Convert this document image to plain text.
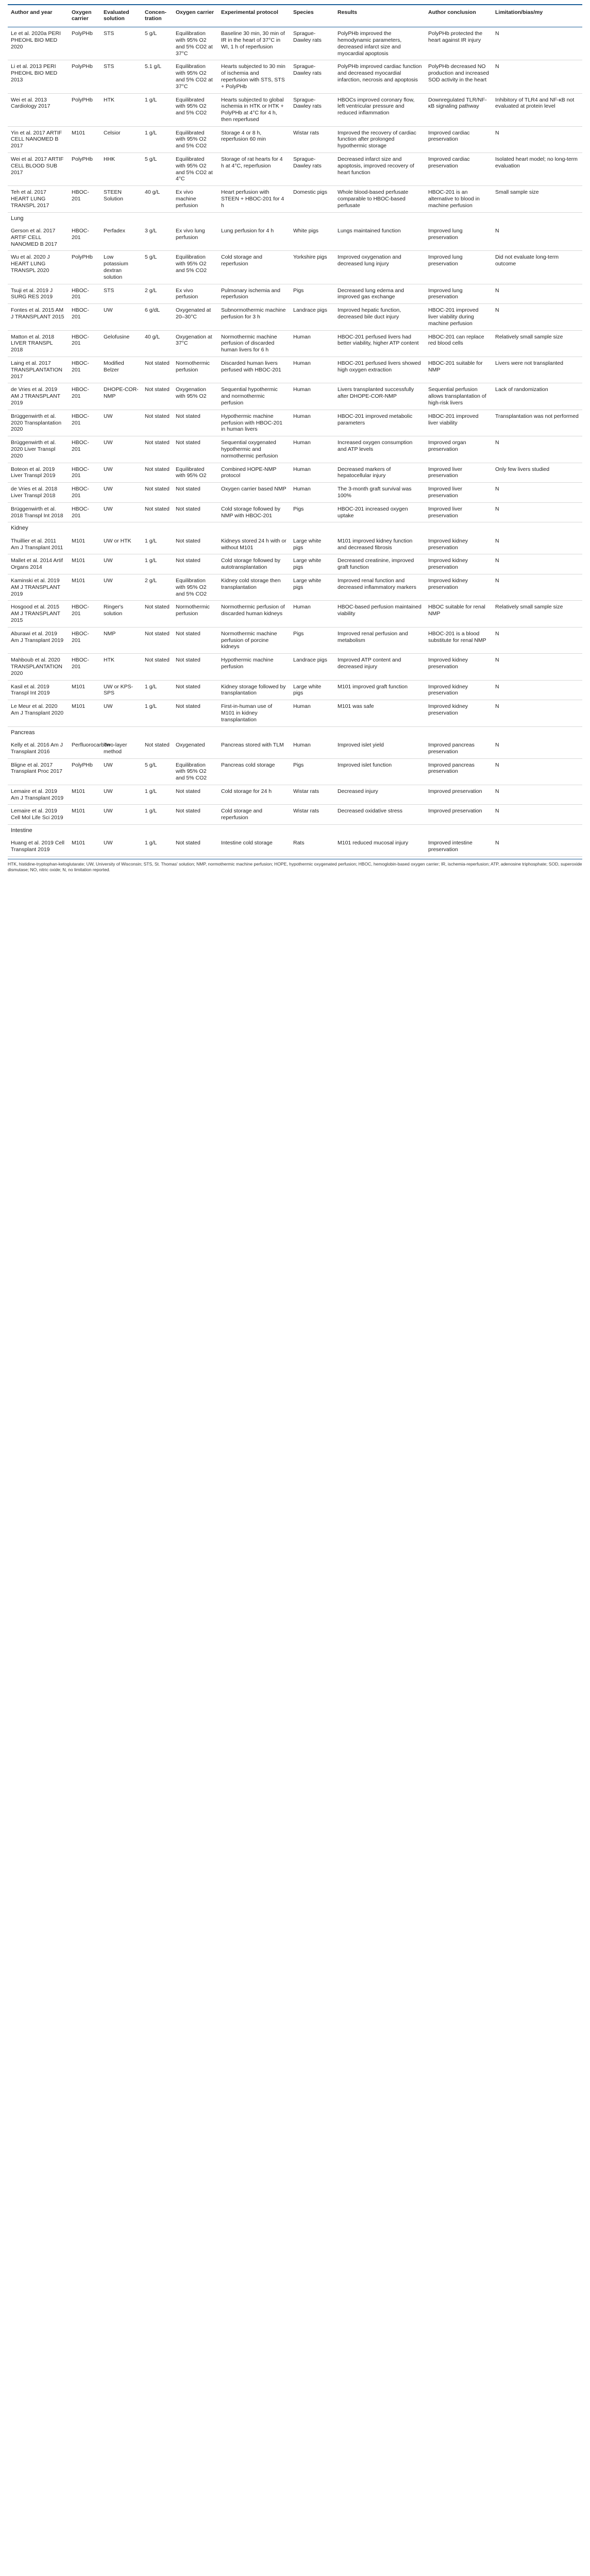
Author and year	Oxygen carrier	Evaluated solution	Concen-tration	Oxygen carrier	Experimental protocol	Species	Results	Author conclusion	Limitation/bias/my
Le et al. 2020a PERI PHEOHL BIO MED 2020	PolyPHb	STS	5 g/L	Equilibration with 95% O2 and 5% CO2 at 37°C	Baseline 30 min, 30 min of IR in the heart of 37°C in WI, 1 h of reperfusion	Sprague-Dawley rats	PolyPHb improved the hemodynamic parameters, decreased infarct size and myocardial apoptosis	PolyPHb protected the heart against IR injury	N
Li et al. 2013 PERI PHEOHL BIO MED 2013	PolyPHb	STS	5.1 g/L	Equilibration with 95% O2 and 5% CO2 at 37°C	Hearts subjected to 30 min of ischemia and reperfusion with STS, STS + PolyPHb	Sprague-Dawley rats	PolyPHb improved cardiac function and decreased myocardial infarction, necrosis and apoptosis	PolyPHb decreased NO production and increased SOD activity in the heart	N
Wei et al. 2013 Cardiology 2017	PolyPHb	HTK	1 g/L	Equilibrated with 95% O2 and 5% CO2	Hearts subjected to global ischemia in HTK or HTK + PolyPHb at 4°C for 4 h, then reperfused	Sprague-Dawley rats	HBOCs improved coronary flow, left ventricular pressure and reduced inflammation	Downregulated TLR/NF-κB signaling pathway	Inhibitory of TLR4 and NF-κB not evaluated at protein level
Yin et al. 2017 ARTIF CELL NANOMED B 2017	M101	Celsior	1 g/L	Equilibrated with 95% O2 and 5% CO2	Storage 4 or 8 h, reperfusion 60 min	Wistar rats	Improved the recovery of cardiac function after prolonged hypothermic storage	Improved cardiac preservation	N
Wei et al. 2017 ARTIF CELL BLOOD SUB 2017	PolyPHb	HHK	5 g/L	Equilibrated with 95% O2 and 5% CO2 at 4°C	Storage of rat hearts for 4 h at 4°C, reperfusion	Sprague-Dawley rats	Decreased infarct size and apoptosis, improved recovery of heart function	Improved cardiac preservation	Isolated heart model; no long-term evaluation
Teh et al. 2017 HEART LUNG TRANSPL 2017	HBOC-201	STEEN Solution	40 g/L	Ex vivo machine perfusion	Heart perfusion with STEEN + HBOC-201 for 4 h	Domestic pigs	Whole blood-based perfusate comparable to HBOC-based perfusate	HBOC-201 is an alternative to blood in machine perfusion	Small sample size
Lung									
Gerson et al. 2017 ARTIF CELL NANOMED B 2017	HBOC-201	Perfadex	3 g/L	Ex vivo lung perfusion	Lung perfusion for 4 h	White pigs	Lungs maintained function	Improved lung preservation	N
Wu et al. 2020 J HEART LUNG TRANSPL 2020	PolyPHb	Low potassium dextran solution	5 g/L	Equilibration with 95% O2 and 5% CO2	Cold storage and reperfusion	Yorkshire pigs	Improved oxygenation and decreased lung injury	Improved lung preservation	Did not evaluate long-term outcome
Tsuji et al. 2019 J SURG RES 2019	HBOC-201	STS	2 g/L	Ex vivo perfusion	Pulmonary ischemia and reperfusion	Pigs	Decreased lung edema and improved gas exchange	Improved lung preservation	N
Fontes et al. 2015 AM J TRANSPLANT 2015	HBOC-201	UW	6 g/dL	Oxygenated at 20–30°C	Subnormothermic machine perfusion for 3 h	Landrace pigs	Improved hepatic function, decreased bile duct injury	HBOC-201 improved liver viability during machine perfusion	N
Matton et al. 2018 LIVER TRANSPL 2018	HBOC-201	Gelofusine	40 g/L	Oxygenation at 37°C	Normothermic machine perfusion of discarded human livers for 6 h	Human	HBOC-201 perfused livers had better viability, higher ATP content	HBOC-201 can replace red blood cells	Relatively small sample size
Laing et al. 2017 TRANSPLANTATION 2017	HBOC-201	Modified Belzer	Not stated	Normothermic perfusion	Discarded human livers perfused with HBOC-201	Human	HBOC-201 perfused livers showed high oxygen extraction	HBOC-201 suitable for NMP	Livers were not transplanted
de Vries et al. 2019 AM J TRANSPLANT 2019	HBOC-201	DHOPE-COR-NMP	Not stated	Oxygenation with 95% O2	Sequential hypothermic and normothermic perfusion	Human	Livers transplanted successfully after DHOPE-COR-NMP	Sequential perfusion allows transplantation of high-risk livers	Lack of randomization
Brüggenwirth et al. 2020 Transplantation 2020	HBOC-201	UW	Not stated	Not stated	Hypothermic machine perfusion with HBOC-201 in human livers	Human	HBOC-201 improved metabolic parameters	HBOC-201 improved liver viability	Transplantation was not performed
Brüggenwirth et al. 2020 Liver Transpl 2020	HBOC-201	UW	Not stated	Not stated	Sequential oxygenated hypothermic and normothermic perfusion	Human	Increased oxygen consumption and ATP levels	Improved organ preservation	N
Boteon et al. 2019 Liver Transpl 2019	HBOC-201	UW	Not stated	Equilibrated with 95% O2	Combined HOPE-NMP protocol	Human	Decreased markers of hepatocellular injury	Improved liver preservation	Only few livers studied
de Vries et al. 2018 Liver Transpl 2018	HBOC-201	UW	Not stated	Not stated	Oxygen carrier based NMP	Human	The 3-month graft survival was 100%	Improved liver preservation	N
Brüggenwirth et al. 2018 Transpl Int 2018	HBOC-201	UW	Not stated	Not stated	Cold storage followed by NMP with HBOC-201	Pigs	HBOC-201 increased oxygen uptake	Improved liver preservation	N
Kidney									
Thuillier et al. 2011 Am J Transplant 2011	M101	UW or HTK	1 g/L	Not stated	Kidneys stored 24 h with or without M101	Large white pigs	M101 improved kidney function and decreased fibrosis	Improved kidney preservation	N
Mallet et al. 2014 Artif Organs 2014	M101	UW	1 g/L	Not stated	Cold storage followed by autotransplantation	Large white pigs	Decreased creatinine, improved graft function	Improved kidney preservation	N
Kaminski et al. 2019 AM J TRANSPLANT 2019	M101	UW	2 g/L	Equilibration with 95% O2 and 5% CO2	Kidney cold storage then transplantation	Large white pigs	Improved renal function and decreased inflammatory markers	Improved kidney preservation	N
Hosgood et al. 2015 AM J TRANSPLANT 2015	HBOC-201	Ringer's solution	Not stated	Normothermic perfusion	Normothermic perfusion of discarded human kidneys	Human	HBOC-based perfusion maintained viability	HBOC suitable for renal NMP	Relatively small sample size
Aburawi et al. 2019 Am J Transplant 2019	HBOC-201	NMP	Not stated	Not stated	Normothermic machine perfusion of porcine kidneys	Pigs	Improved renal perfusion and metabolism	HBOC-201 is a blood substitute for renal NMP	N
Mahboub et al. 2020 TRANSPLANTATION 2020	HBOC-201	HTK	Not stated	Not stated	Hypothermic machine perfusion	Landrace pigs	Improved ATP content and decreased injury	Improved kidney preservation	N
Kasil et al. 2019 Transpl Int 2019	M101	UW or KPS-SPS	1 g/L	Not stated	Kidney storage followed by transplantation	Large white pigs	M101 improved graft function	Improved kidney preservation	N
Le Meur et al. 2020 Am J Transplant 2020	M101	UW	1 g/L	Not stated	First-in-human use of M101 in kidney transplantation	Human	M101 was safe	Improved kidney preservation	N
Pancreas									
Kelly et al. 2016 Am J Transplant 2016	Perfluorocarbon	Two-layer method	Not stated	Oxygenated	Pancreas stored with TLM	Human	Improved islet yield	Improved pancreas preservation	N
Bligne et al. 2017 Transplant Proc 2017	PolyPHb	UW	5 g/L	Equilibration with 95% O2 and 5% CO2	Pancreas cold storage	Pigs	Improved islet function	Improved pancreas preservation	N
Lemaire et al. 2019 Am J Transplant 2019	M101	UW	1 g/L	Not stated	Cold storage for 24 h	Wistar rats	Decreased injury	Improved preservation	N
Lemaire et al. 2019 Cell Mol Life Sci 2019	M101	UW	1 g/L	Not stated	Cold storage and reperfusion	Wistar rats	Decreased oxidative stress	Improved preservation	N
Intestine									
Huang et al. 2019 Cell Transplant 2019	M101	UW	1 g/L	Not stated	Intestine cold storage	Rats	M101 reduced mucosal injury	Improved intestine preservation	N
HTK, histidine-tryptophan-ketoglutarate; UW, University of Wisconsin; STS, St. Thomas' solution; NMP, normothermic machine perfusion; HOPE, hypothermic oxygenated perfusion; HBOC, hemoglobin-based oxygen carrier; IR, ischemia-reperfusion; ATP, adenosine triphosphate; SOD, superoxide dismutase; NO, nitric oxide; N, no limitation reported.
